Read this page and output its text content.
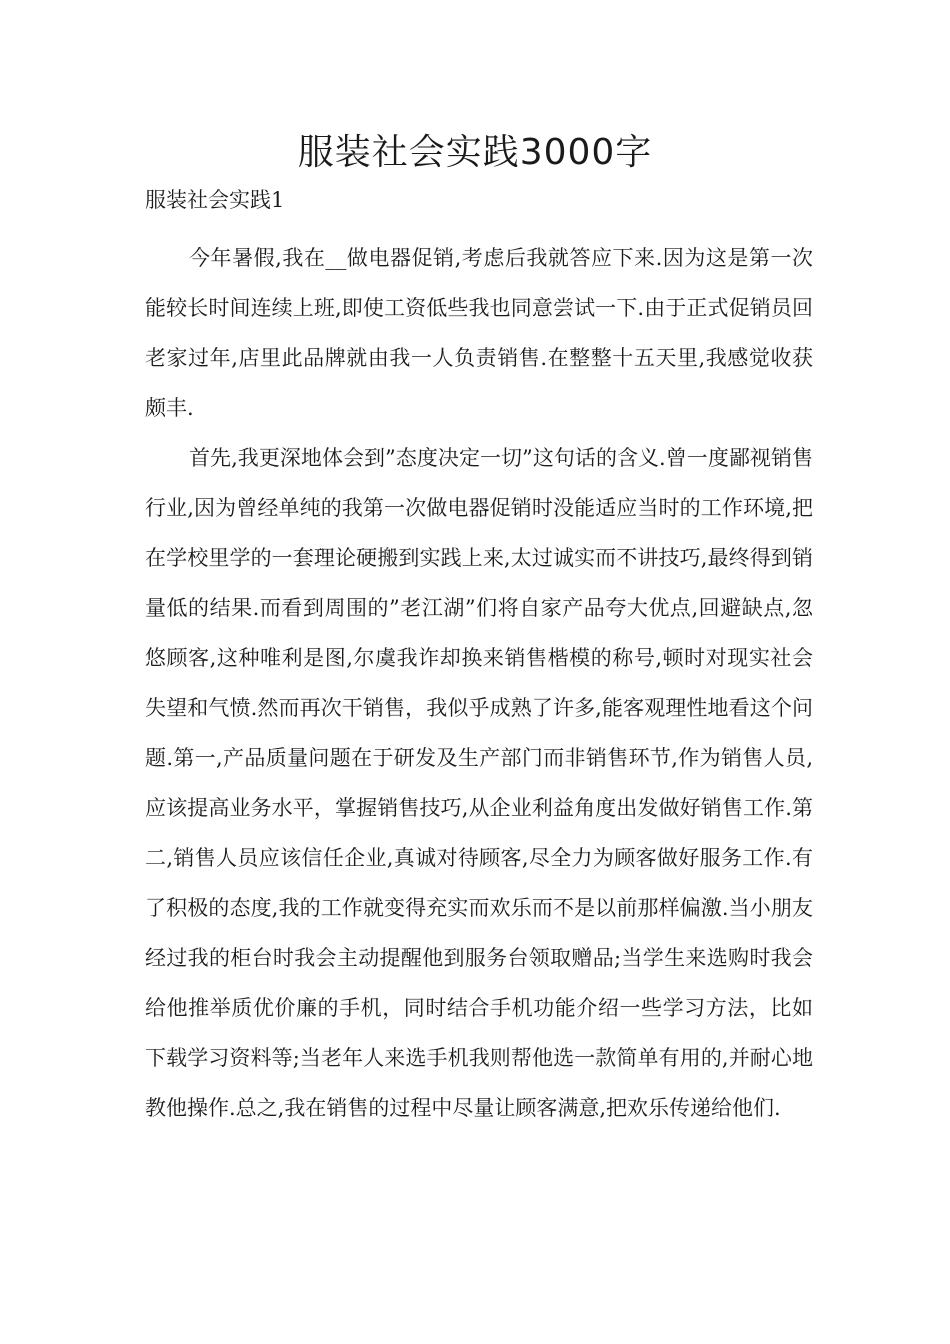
服装社会实践3000字

服装社会实践1

今年暑假,我在__做电器促销,考虑后我就答应下来.因为这是第一次能较长时间连续上班,即使工资低些我也同意尝试一下.由于正式促销员回老家过年,店里此品牌就由我一人负责销售.在整整十五天里,我感觉收获颇丰.

首先,我更深地体会到”态度决定一切”这句话的含义.曾一度鄙视销售行业,因为曾经单纯的我第一次做电器促销时没能适应当时的工作环境,把在学校里学的一套理论硬搬到实践上来,太过诚实而不讲技巧,最终得到销量低的结果.而看到周围的”老江湖”们将自家产品夸大优点,回避缺点,忽悠顾客,这种唯利是图,尔虞我诈却换来销售楷模的称号,顿时对现实社会失望和气愤.然而再次干销售，我似乎成熟了许多,能客观理性地看这个问题.第一,产品质量问题在于研发及生产部门而非销售环节,作为销售人员,应该提高业务水平，掌握销售技巧,从企业利益角度出发做好销售工作.第二,销售人员应该信任企业,真诚对待顾客,尽全力为顾客做好服务工作.有了积极的态度,我的工作就变得充实而欢乐而不是以前那样偏激.当小朋友经过我的柜台时我会主动提醒他到服务台领取赠品;当学生来选购时我会给他推举质优价廉的手机，同时结合手机功能介绍一些学习方法，比如下载学习资料等;当老年人来选手机我则帮他选一款简单有用的,并耐心地教他操作.总之,我在销售的过程中尽量让顾客满意,把欢乐传递给他们.
